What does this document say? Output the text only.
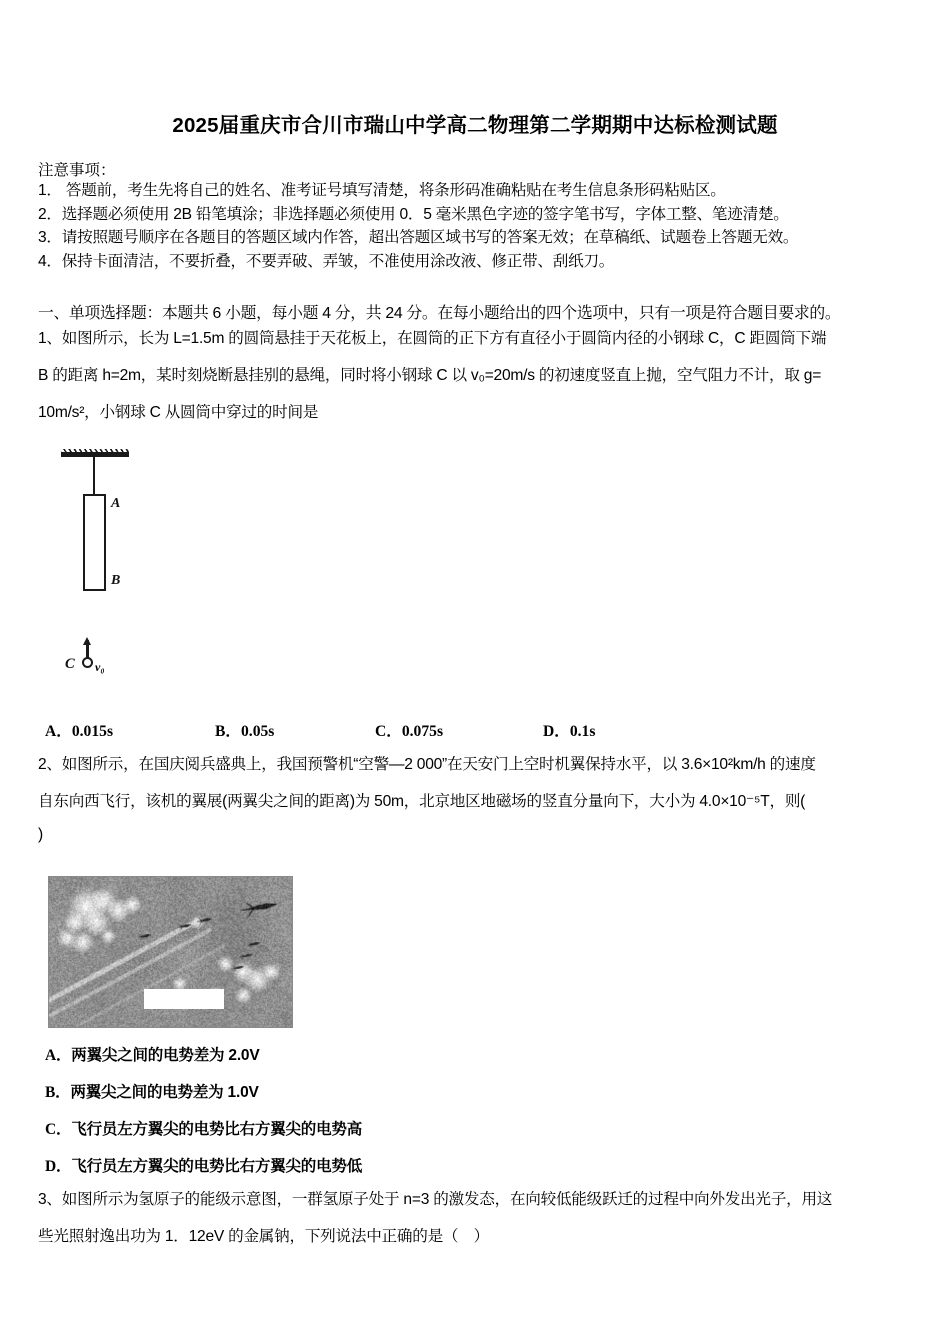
2025届重庆市合川市瑞山中学高二物理第二学期期中达标检测试题
注意事项：
1． 答题前，考生先将自己的姓名、准考证号填写清楚，将条形码准确粘贴在考生信息条形码粘贴区。
2．选择题必须使用 2B 铅笔填涂；非选择题必须使用 0．5 毫米黑色字迹的签字笔书写，字体工整、笔迹清楚。
3．请按照题号顺序在各题目的答题区域内作答，超出答题区域书写的答案无效；在草稿纸、试题卷上答题无效。
4．保持卡面清洁，不要折叠，不要弄破、弄皱，不准使用涂改液、修正带、刮纸刀。
一、单项选择题：本题共 6 小题，每小题 4 分，共 24 分。在每小题给出的四个选项中，只有一项是符合题目要求的。
1、如图所示，长为 L=1.5m 的圆筒悬挂于天花板上，在圆筒的正下方有直径小于圆筒内径的小钢球 C，C 距圆筒下端
B 的距离 h=2m，某时刻烧断悬挂别的悬绳，同时将小钢球 C 以 v₀=20m/s 的初速度竖直上抛，空气阻力不计，取 g=
10m/s²，小钢球 C 从圆筒中穿过的时间是
A
B
C v₀
A．0.015s	B．0.05s	C．0.075s	D．0.1s
2、如图所示，在国庆阅兵盛典上，我国预警机“空警—2 000”在天安门上空时机翼保持水平，以 3.6×10²km/h 的速度
自东向西飞行，该机的翼展(两翼尖之间的距离)为 50m，北京地区地磁场的竖直分量向下，大小为 4.0×10⁻⁵T，则(
)
A．两翼尖之间的电势差为 2.0V
B．两翼尖之间的电势差为 1.0V
C．飞行员左方翼尖的电势比右方翼尖的电势高
D．飞行员左方翼尖的电势比右方翼尖的电势低
3、如图所示为氢原子的能级示意图，一群氢原子处于 n=3 的激发态，在向较低能级跃迁的过程中向外发出光子，用这
些光照射逸出功为 1．12eV 的金属钠，下列说法中正确的是（　）
